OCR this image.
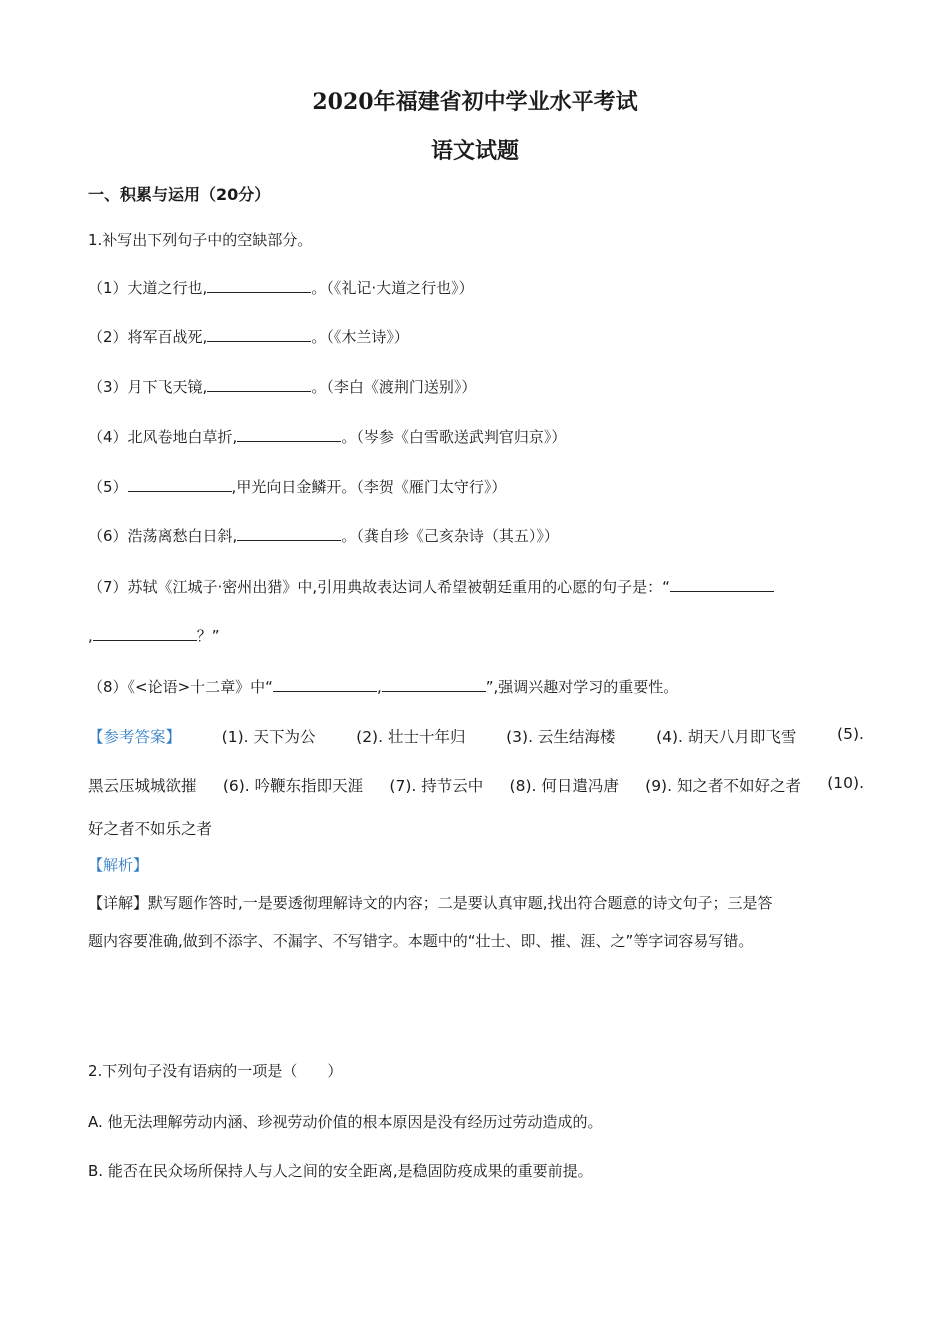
2020年福建省初中学业水平考试
语文试题
一、积累与运用（20分）
1.补写出下列句子中的空缺部分。
（1）大道之行也,	。（《礼记·大道之行也》）
（2）将军百战死,	。（《木兰诗》）
（3）月下飞天镜,	。（李白《渡荆门送别》）
（4）北风卷地白草折,	。（岑参《白雪歌送武判官归京》）
（5）	,甲光向日金鳞开。（李贺《雁门太守行》）
（6）浩荡离愁白日斜,	。（龚自珍《己亥杂诗（其五）》）
（7）苏轼《江城子·密州出猎》中,引用典故表达词人希望被朝廷重用的心愿的句子是：“
,	？”
（8）《<论语>十二章》中“	,	”,强调兴趣对学习的重要性。
【参考答案】	(1). 天下为公	(2). 壮士十年归	(3). 云生结海楼	(4). 胡天八月即飞雪	(5).
黑云压城城欲摧 (6). 吟鞭东指即天涯 (7). 持节云中 (8). 何日遣冯唐 (9). 知之者不如好之者 (10).
好之者不如乐之者
【解析】
【详解】默写题作答时,一是要透彻理解诗文的内容；二是要认真审题,找出符合题意的诗文句子；三是答
题内容要准确,做到不添字、不漏字、不写错字。本题中的“壮士、即、摧、涯、之”等字词容易写错。
2.下列句子没有语病的一项是（　　）
A. 他无法理解劳动内涵、珍视劳动价值的根本原因是没有经历过劳动造成的。
B. 能否在民众场所保持人与人之间的安全距离,是稳固防疫成果的重要前提。
